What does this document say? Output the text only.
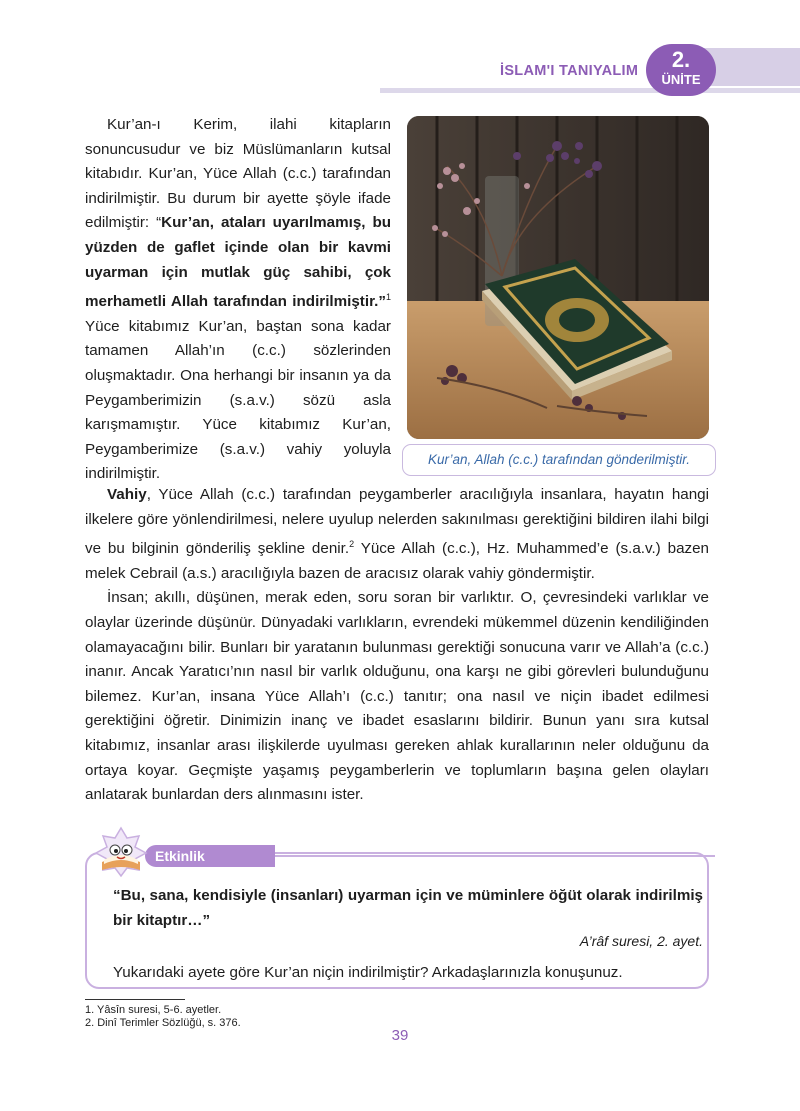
İSLAM'I TANIYALIM	2.
ÜNİTE

Kur’an-ı Kerim, ilahi kitapların sonuncusudur ve biz Müslümanların kutsal kitabıdır. Kur’an, Yüce Allah (c.c.) tarafından indirilmiştir. Bu durum bir ayette şöyle ifade edilmiştir: “Kur’an, ataları uyarılmamış, bu yüzden de gaflet içinde olan bir kavmi uyarman için mutlak güç sahibi, çok merhametli Allah tarafından indirilmiştir.”$^1$ Yüce kitabımız Kur’an, baştan sona kadar tamamen Allah’ın (c.c.) sözlerinden oluşmaktadır. Ona herhangi bir insanın ya da Peygamberimizin (s.a.v.) sözü asla karışmamıştır. Yüce kitabımız Kur’an, Peygamberimize (s.a.v.) vahiy yoluyla indirilmiştir.

Kur’an, Allah (c.c.) tarafından gönderilmiştir.

Vahiy, Yüce Allah (c.c.) tarafından peygamberler aracılığıyla insanlara, hayatın hangi ilkelere göre yönlendirilmesi, nelere uyulup nelerden sakınılması gerektiğini bildiren ilahi bilgi ve bu bilginin gönderiliş şekline denir.$^2$ Yüce Allah (c.c.), Hz. Muhammed’e (s.a.v.) bazen melek Cebrail (a.s.) aracılığıyla bazen de aracısız olarak vahiy göndermiştir.

İnsan; akıllı, düşünen, merak eden, soru soran bir varlıktır. O, çevresindeki varlıklar ve olaylar üzerinde düşünür. Dünyadaki varlıkların, evrendeki mükemmel düzenin kendiliğinden olamayacağını bilir. Bunları bir yaratanın bulunması gerektiği sonucuna varır ve Allah’a (c.c.) inanır. Ancak Yaratıcı’nın nasıl bir varlık olduğunu, ona karşı ne gibi görevleri bulunduğunu bilemez. Kur’an, insana Yüce Allah’ı (c.c.) tanıtır; ona nasıl ve niçin ibadet edilmesi gerektiğini öğretir. Dinimizin inanç ve ibadet esaslarını bildirir. Bunun yanı sıra kutsal kitabımız, insanlar arası ilişkilerde uyulması gereken ahlak kurallarının neler olduğunu da ortaya koyar. Geçmişte yaşamış peygamberlerin ve toplumların başına gelen olayları anlatarak bunlardan ders alınmasını ister.

Etkinlik
“Bu, sana, kendisiyle (insanları) uyarman için ve müminlere öğüt olarak indirilmiş bir kitaptır…”
A’râf suresi, 2. ayet.
Yukarıdaki ayete göre Kur’an niçin indirilmiştir? Arkadaşlarınızla konuşunuz.
1. Yâsîn suresi, 5-6. ayetler.
2. Dinî Terimler Sözlüğü, s. 376.
39
